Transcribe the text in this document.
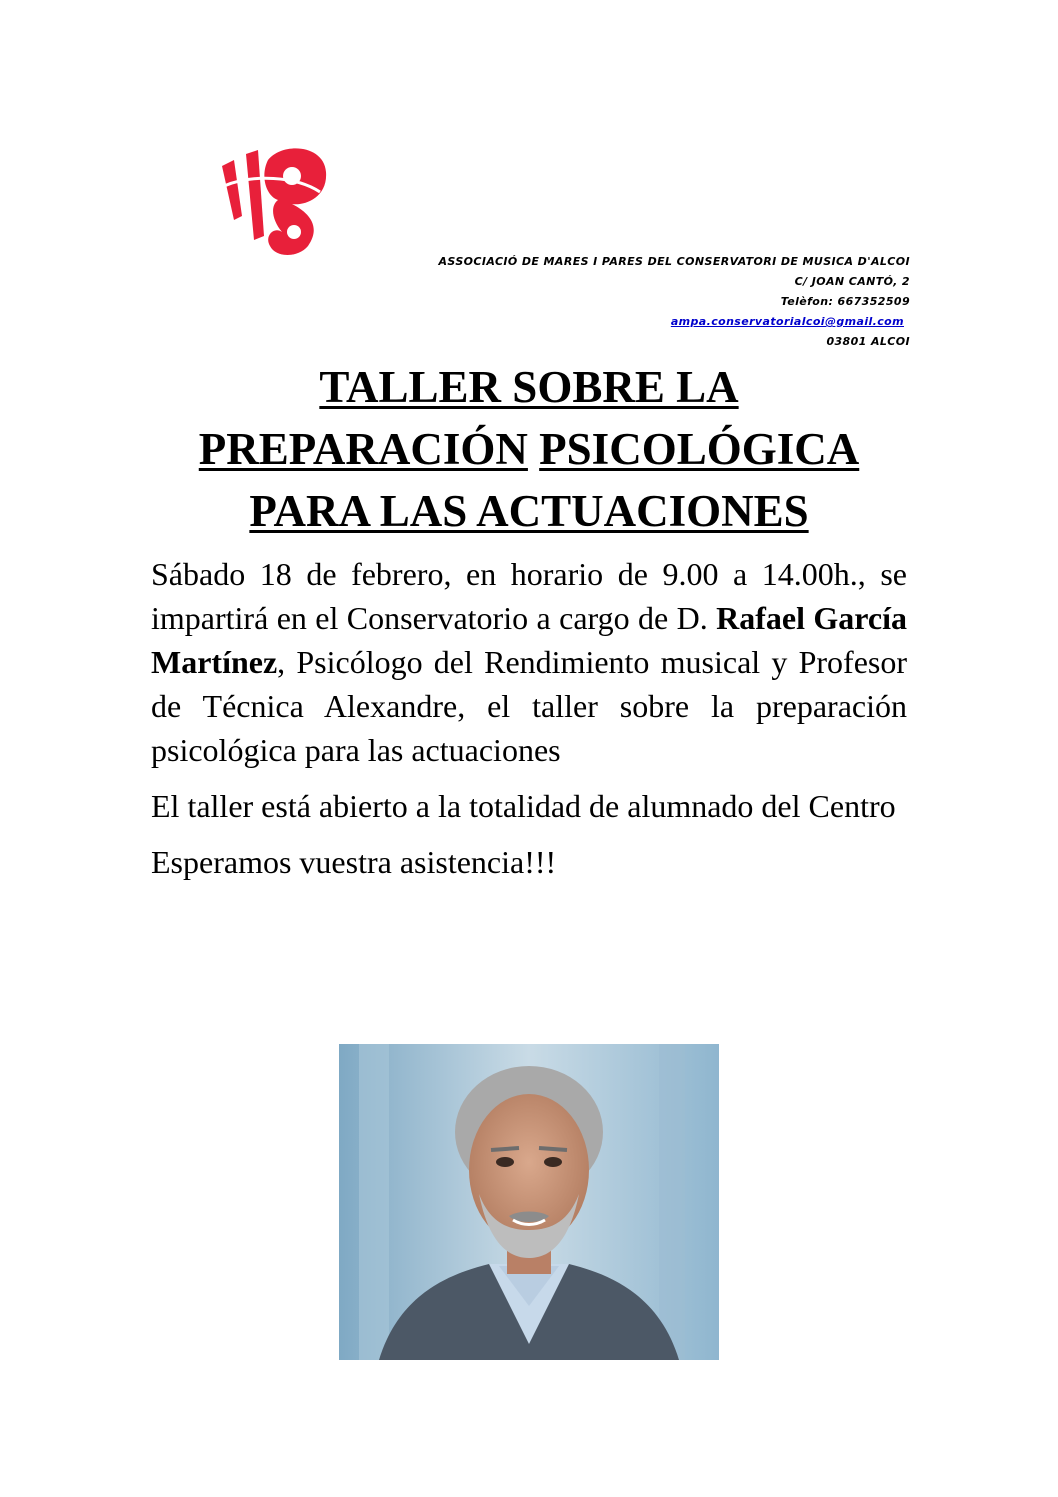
ASSOCIACIÓ DE MARES I PARES DEL CONSERVATORI DE MUSICA D'ALCOI
C/ JOAN CANTÓ, 2
Telèfon: 667352509
ampa.conservatorialcoi@gmail.com
03801 ALCOI
TALLER SOBRE LA
PREPARACIÓN PSICOLÓGICA
PARA LAS ACTUACIONES

Sábado 18 de febrero, en horario de 9.00 a 14.00h., se impartirá en el Conservatorio a cargo de D. Rafael García Martínez, Psicólogo del Rendimiento musical y Profesor de Técnica Alexandre, el taller sobre la preparación psicológica para las actuaciones

El taller está abierto a la totalidad de alumnado del Centro

Esperamos vuestra asistencia!!!
